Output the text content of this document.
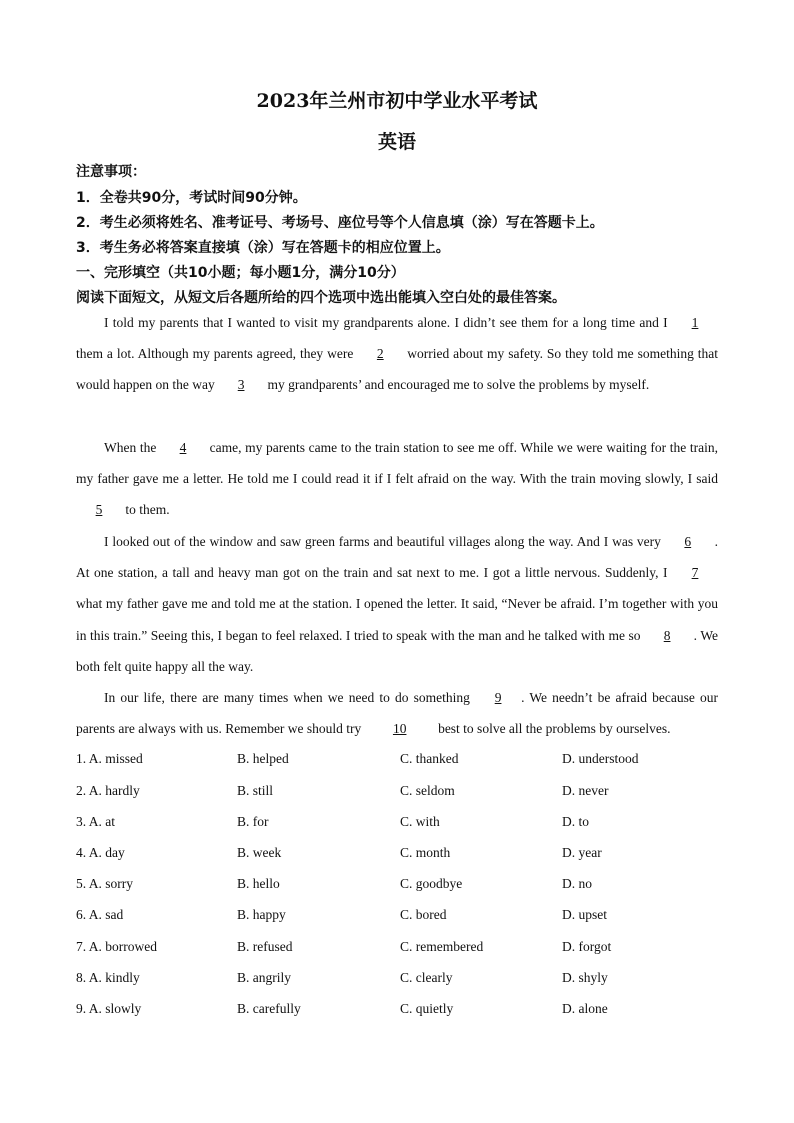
2023年兰州市初中学业水平考试
英语
注意事项：
1．全卷共90分，考试时间90分钟。
2．考生必须将姓名、准考证号、考场号、座位号等个人信息填（涂）写在答题卡上。
3．考生务必将答案直接填（涂）写在答题卡的相应位置上。
一、完形填空（共10小题；每小题1分，满分10分）
阅读下面短文，从短文后各题所给的四个选项中选出能填入空白处的最佳答案。

I told my parents that I wanted to visit my grandparents alone. I didn’t see them for a long time and I 1 them a lot. Although my parents agreed, they were 2 worried about my safety. So they told me something that would happen on the way 3 my grandparents’ and encouraged me to solve the problems by myself.

When the 4 came, my parents came to the train station to see me off. While we were waiting for the train, my father gave me a letter. He told me I could read it if I felt afraid on the way. With the train moving slowly, I said 5 to them.

I looked out of the window and saw green farms and beautiful villages along the way. And I was very 6 . At one station, a tall and heavy man got on the train and sat next to me. I got a little nervous. Suddenly, I 7 what my father gave me and told me at the station. I opened the letter. It said, “Never be afraid. I’m together with you in this train.” Seeing this, I began to feel relaxed. I tried to speak with the man and he talked with me so 8 . We both felt quite happy all the way.

In our life, there are many times when we need to do something 9 . We needn’t be afraid because our parents are always with us. Remember we should try 10 best to solve all the problems by ourselves.

1. A. missed	B. helped	C. thanked	D. understood
2. A. hardly	B. still	C. seldom	D. never
3. A. at	B. for	C. with	D. to
4. A. day	B. week	C. month	D. year
5. A. sorry	B. hello	C. goodbye	D. no
6. A. sad	B. happy	C. bored	D. upset
7. A. borrowed	B. refused	C. remembered	D. forgot
8. A. kindly	B. angrily	C. clearly	D. shyly
9. A. slowly	B. carefully	C. quietly	D. alone
